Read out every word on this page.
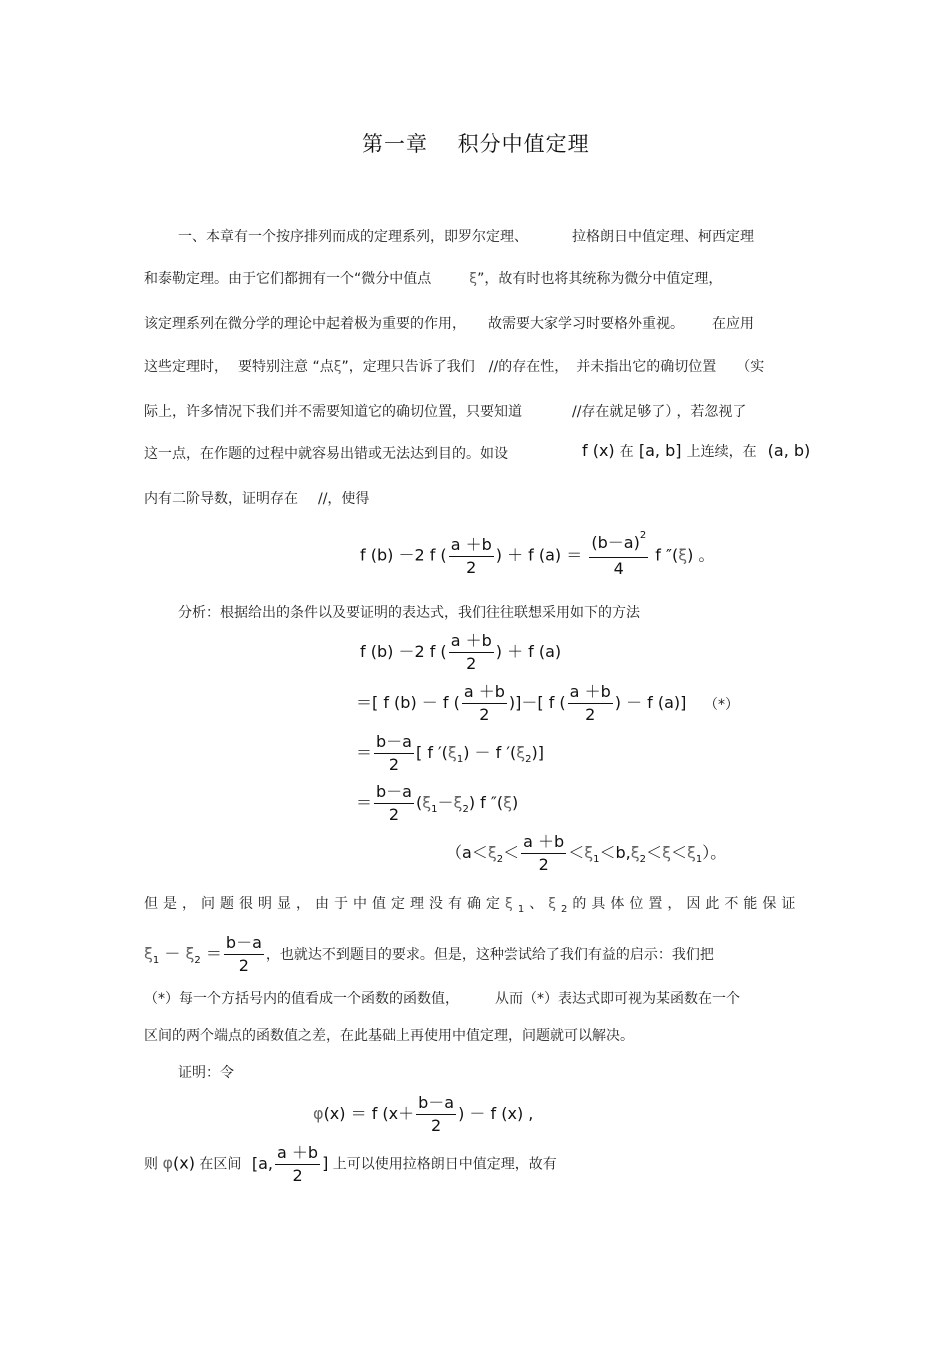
第一章　 积分中值定理
一、本章有一个按序排列而成的定理系列，即罗尔定理、	拉格朗日中值定理、柯西定理
和泰勒定理。由于它们都拥有一个“微分中值点	ξ”，故有时也将其统称为微分中值定理，
该定理系列在微分学的理论中起着极为重要的作用， 故需要大家学习时要格外重视。 在应用
这些定理时， 要特别注意 “点ξ”，定理只告诉了我们 //的存在性， 并未指出它的确切位置 （实
际上，许多情况下我们并不需要知道它的确切位置，只要知道	//存在就足够了） ，若忽视了
这一点，在作题的过程中就容易出错或无法达到目的。如设	f (x) 在 [a, b] 上连续，在 (a, b)
内有二阶导数，证明存在 //，使得
f (b) －2 f ( $\frac{a +b}{2}$ ) ＋ f $(a) = \frac{(b-a)^2}{4}$ f ″(ξ) 。
分析：根据给出的条件以及要证明的表达式，我们往往联想采用如下的方法
f (b) －2 f ( $\frac{a +b}{2}$ ) ＋ f (a)
＝[ f (b) － f ( $\frac{a +b}{2}$ )]－[ f ( $\frac{a +b}{2}$ ) － f (a)] （*）
＝ $\frac{b-a}{2}$ [ f $'(\xi_1) - f$ $'(\xi_2)$]
＝ $\frac{b-a}{2} (\xi_1-\xi_2)$ f ″(ξ)
$(a<\xi_2< \frac{a +b}{2} <\xi_1<b,\xi_2<\xi<\xi_1)$。
但是，问题很明显，由于中值定理没有确定$\xi_1$、$\xi_2$的具体位置，因此不能保证
$\xi_1 - \xi_2 = \frac{b-a}{2}$ ，也就达不到题目的要求。但是，这种尝试给了我们有益的启示：我们把
（*）每一个方括号内的值看成一个函数的函数值，	从而（*）表达式即可视为某函数在一个
区间的两个端点的函数值之差，在此基础上再使用中值定理，问题就可以解决。
证明：令
φ(x) ＝ f ($x+ \frac{b-a}{2}$ ) － f (x) ,
则 φ(x) 在区间 [a, $\frac{a +b}{2}$ ] 上可以使用拉格朗日中值定理，故有
